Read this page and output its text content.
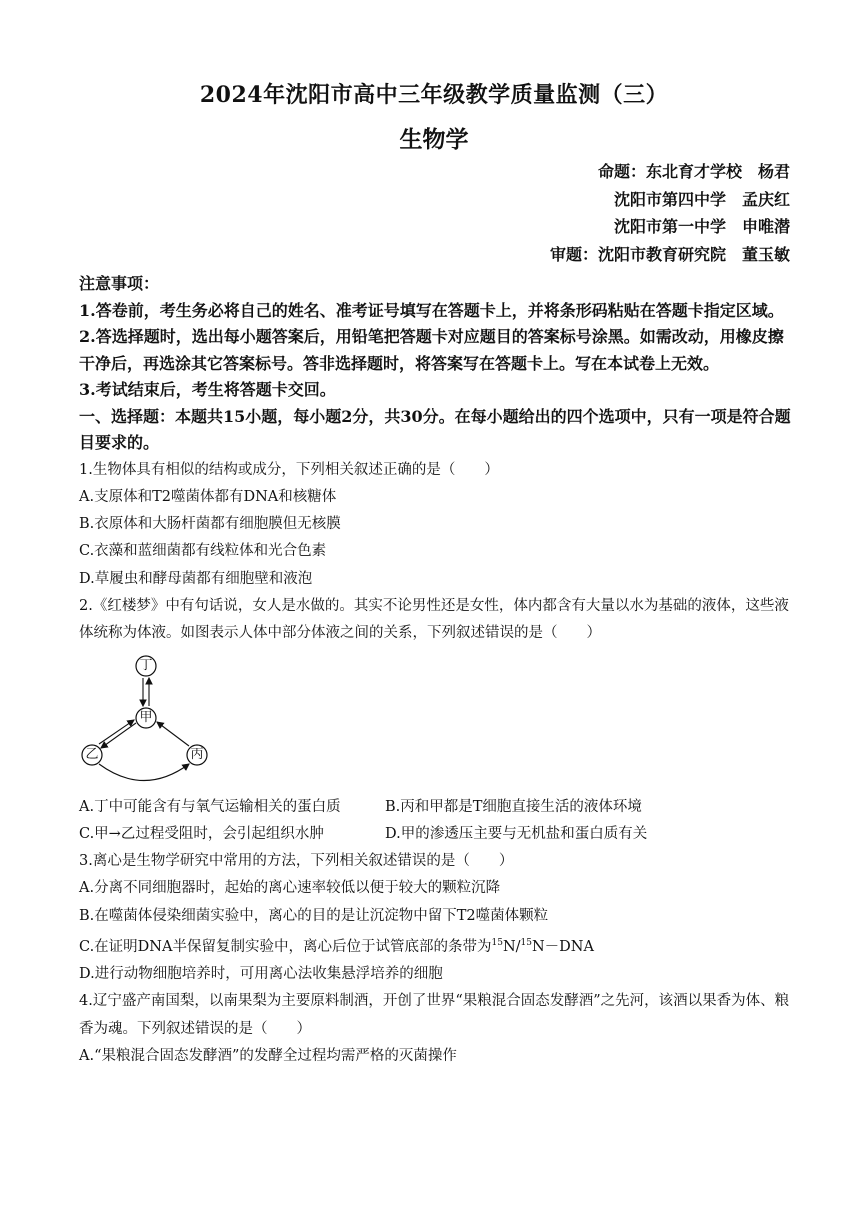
2024年沈阳市高中三年级教学质量监测（三）
生物学
命题：东北育才学校　杨君
沈阳市第四中学　孟庆红
沈阳市第一中学　申唯潜
审题：沈阳市教育研究院　董玉敏

注意事项：

1.答卷前，考生务必将自己的姓名、准考证号填写在答题卡上，并将条形码粘贴在答题卡指定区域。

2.答选择题时，选出每小题答案后，用铅笔把答题卡对应题目的答案标号涂黑。如需改动，用橡皮擦干净后，再选涂其它答案标号。答非选择题时，将答案写在答题卡上。写在本试卷上无效。

3.考试结束后，考生将答题卡交回。

一、选择题：本题共15小题，每小题2分，共30分。在每小题给出的四个选项中，只有一项是符合题目要求的。

1.生物体具有相似的结构或成分，下列相关叙述正确的是（　　）

A.支原体和T2噬菌体都有DNA和核糖体

B.衣原体和大肠杆菌都有细胞膜但无核膜

C.衣藻和蓝细菌都有线粒体和光合色素

D.草履虫和酵母菌都有细胞壁和液泡

2.《红楼梦》中有句话说，女人是水做的。其实不论男性还是女性，体内都含有大量以水为基础的液体，这些液体统称为体液。如图表示人体中部分体液之间的关系，下列叙述错误的是（　　）

丁
甲
乙	丙
A.丁中可能含有与氧气运输相关的蛋白质	B.丙和甲都是T细胞直接生活的液体环境
C.甲→乙过程受阻时，会引起组织水肿	D.甲的渗透压主要与无机盐和蛋白质有关

3.离心是生物学研究中常用的方法，下列相关叙述错误的是（　　）

A.分离不同细胞器时，起始的离心速率较低以便于较大的颗粒沉降

B.在噬菌体侵染细菌实验中，离心的目的是让沉淀物中留下T2噬菌体颗粒

C.在证明DNA半保留复制实验中，离心后位于试管底部的条带为$^{15}$N/$^{15}$N－DNA

D.进行动物细胞培养时，可用离心法收集悬浮培养的细胞

4.辽宁盛产南国梨，以南果梨为主要原料制酒，开创了世界“果粮混合固态发酵酒”之先河，该酒以果香为体、粮香为魂。下列叙述错误的是（　　）

A.“果粮混合固态发酵酒”的发酵全过程均需严格的灭菌操作
